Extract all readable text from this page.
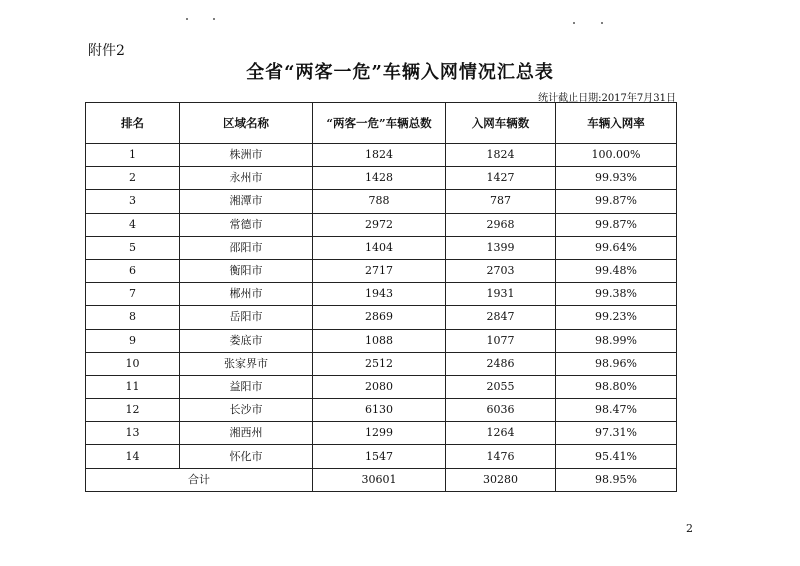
附件2
全省“两客一危”车辆入网情况汇总表
统计截止日期:2017年7月31日
排名	区域名称	“两客一危”车辆总数	入网车辆数	车辆入网率
1	株洲市	1824	1824	100.00%
2	永州市	1428	1427	99.93%
3	湘潭市	788	787	99.87%
4	常德市	2972	2968	99.87%
5	邵阳市	1404	1399	99.64%
6	衡阳市	2717	2703	99.48%
7	郴州市	1943	1931	99.38%
8	岳阳市	2869	2847	99.23%
9	娄底市	1088	1077	98.99%
10	张家界市	2512	2486	98.96%
11	益阳市	2080	2055	98.80%
12	长沙市	6130	6036	98.47%
13	湘西州	1299	1264	97.31%
14	怀化市	1547	1476	95.41%
合计		30601	30280	98.95%
2
